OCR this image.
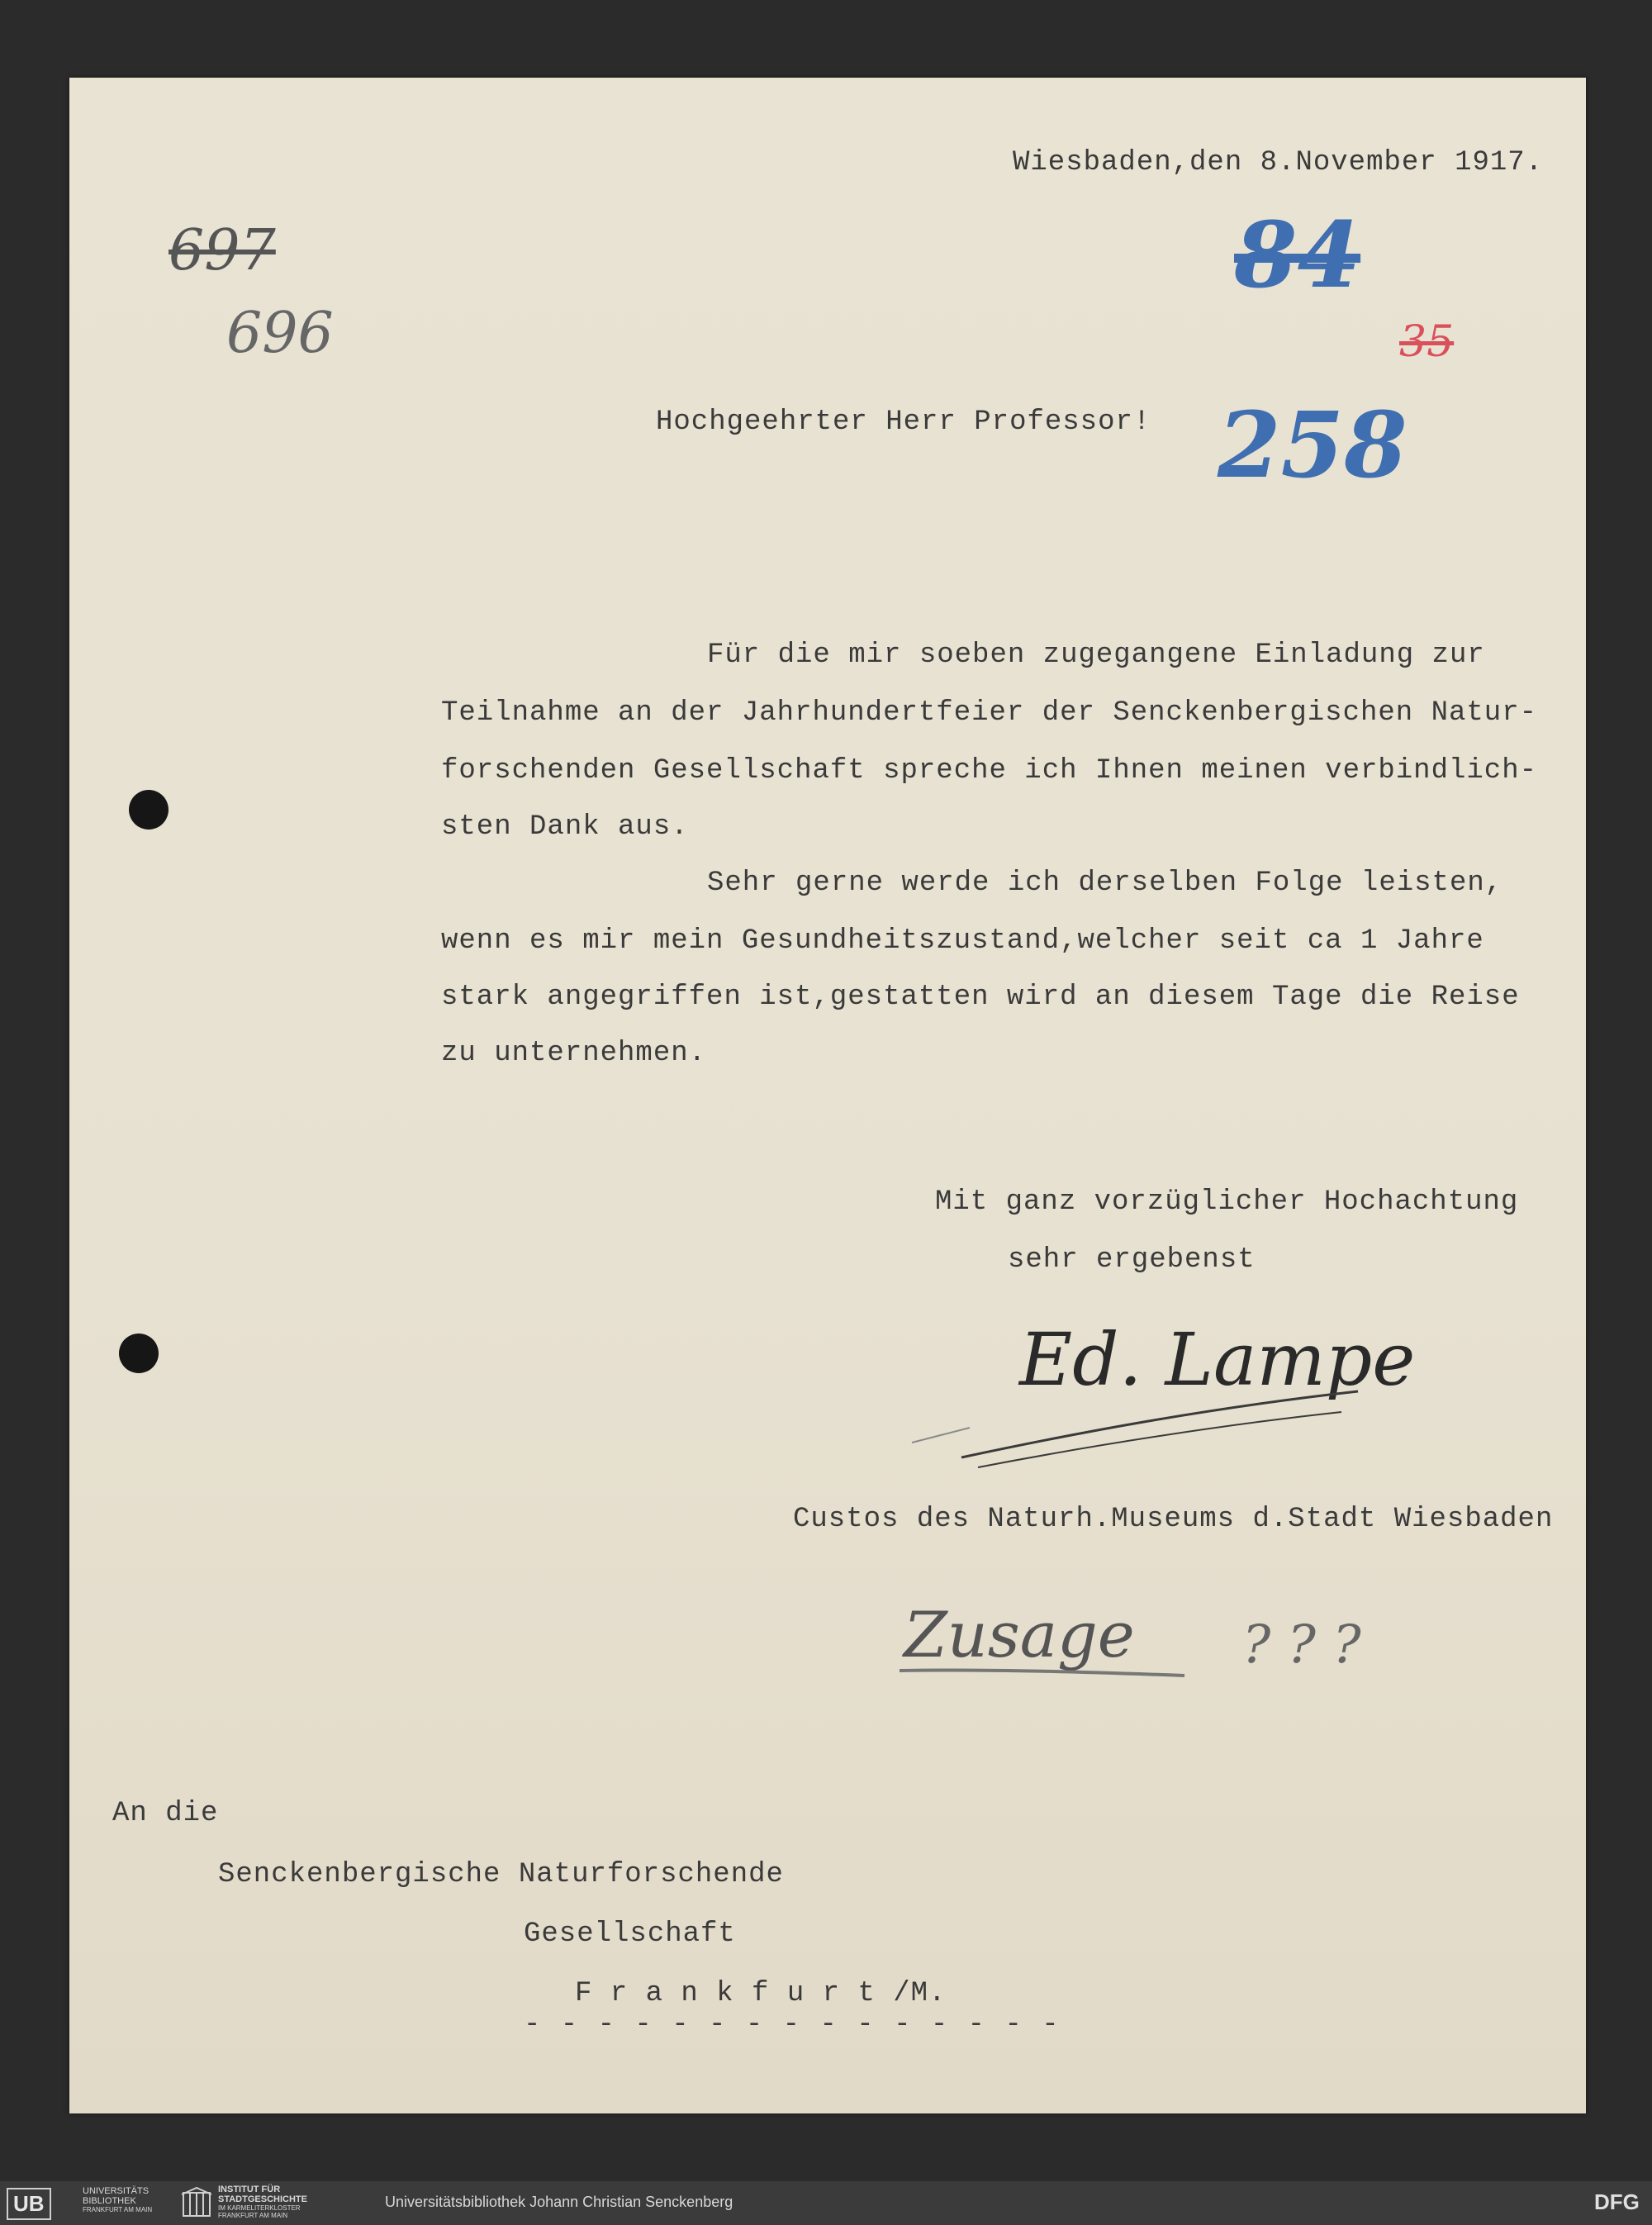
697
696
84
35
258
Wiesbaden,den 8.November 1917.
Hochgeehrter Herr Professor!
Für die mir soeben zugegangene Einladung zur
Teilnahme an der Jahrhundertfeier der Senckenbergischen Natur-
forschenden Gesellschaft spreche ich Ihnen meinen verbindlich-
sten Dank aus.
Sehr gerne werde ich derselben Folge leisten,
wenn es mir mein Gesundheitszustand,welcher seit ca 1 Jahre
stark angegriffen ist,gestatten wird an diesem Tage die Reise
zu unternehmen.
Mit ganz vorzüglicher Hochachtung
sehr ergebenst
Ed. Lampe
Custos des Naturh.Museums d.Stadt Wiesbaden
Zusage ? ? ?
An die
Senckenbergische Naturforschende
Gesellschaft
F r a n k f u r t /M.
- - - - - - - - - - - - - - -
UB	UNIVERSITÄTS
BIBLIOTHEK
FRANKFURT AM MAIN
INSTITUT FÜR
STADTGESCHICHTE
IM KARMELITERKLOSTER
FRANKFURT AM MAIN
Universitätsbibliothek Johann Christian Senckenberg	DFG
